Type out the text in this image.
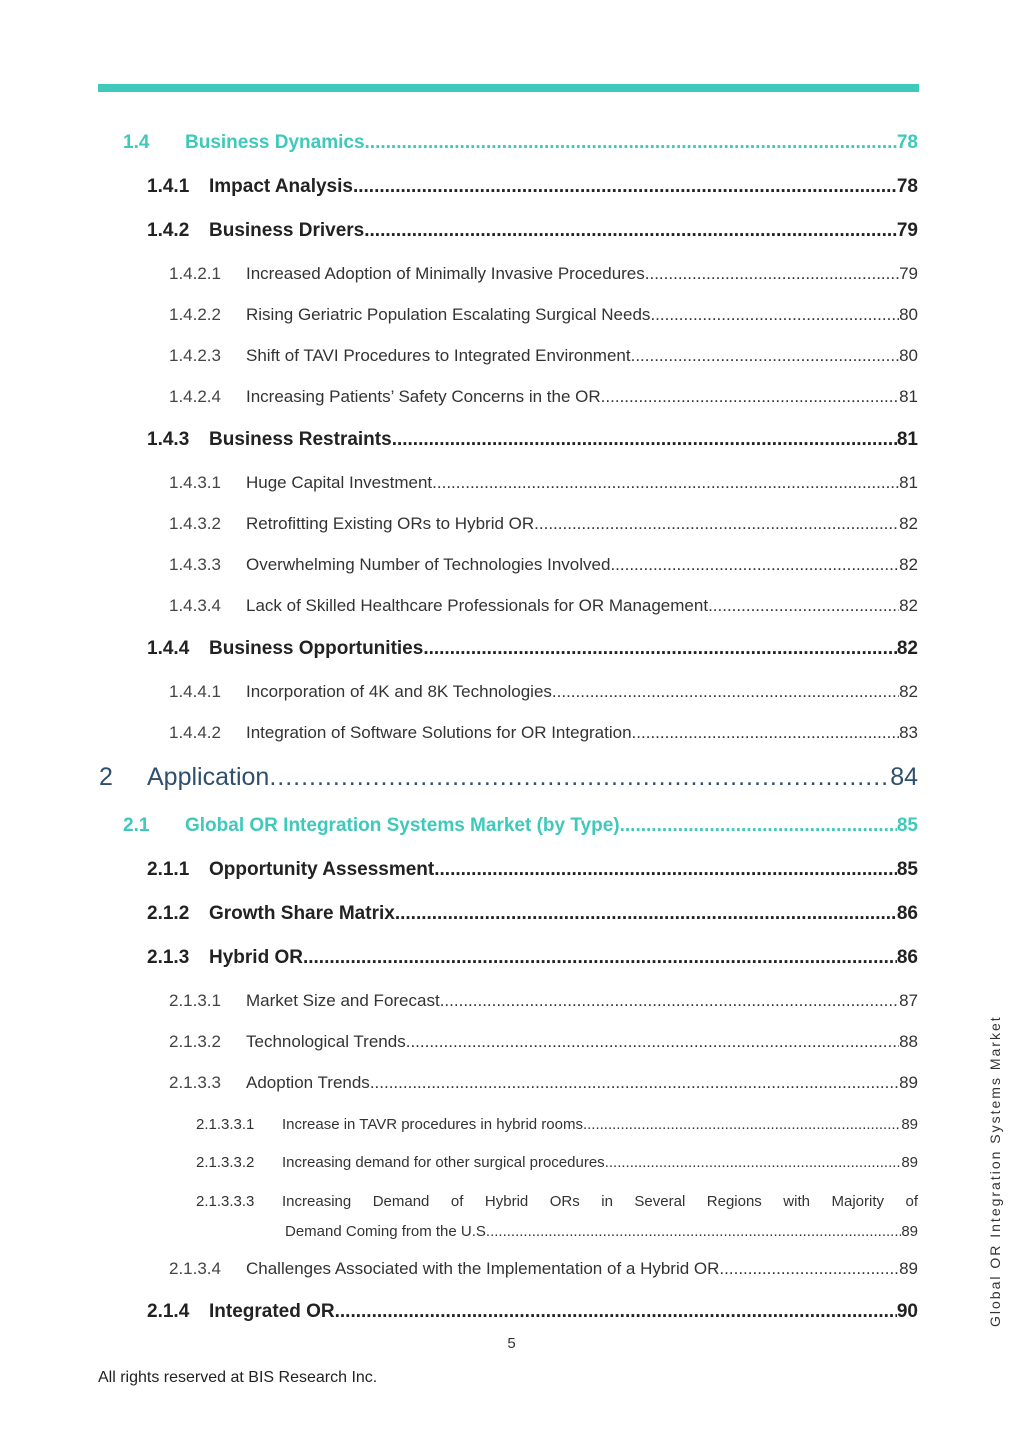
1.4	Business Dynamics .....	78
1.4.1	Impact Analysis .....	78
1.4.2	Business Drivers .....	79
1.4.2.1	Increased Adoption of Minimally Invasive Procedures .....	79
1.4.2.2	Rising Geriatric Population Escalating Surgical Needs .....	80
1.4.2.3	Shift of TAVI Procedures to Integrated Environment .....	80
1.4.2.4	Increasing Patients’ Safety Concerns in the OR .....	81
1.4.3	Business Restraints .....	81
1.4.3.1	Huge Capital Investment .....	81
1.4.3.2	Retrofitting Existing ORs to Hybrid OR .....	82
1.4.3.3	Overwhelming Number of Technologies Involved .....	82
1.4.3.4	Lack of Skilled Healthcare Professionals for OR Management .....	82
1.4.4	Business Opportunities .....	82
1.4.4.1	Incorporation of 4K and 8K Technologies .....	82
1.4.4.2	Integration of Software Solutions for OR Integration .....	83
2	Application .....	84
2.1	Global OR Integration Systems Market (by Type) .....	85
2.1.1	Opportunity Assessment .....	85
2.1.2	Growth Share Matrix .....	86
2.1.3	Hybrid OR .....	86
2.1.3.1	Market Size and Forecast .....	87
2.1.3.2	Technological Trends .....	88
2.1.3.3	Adoption Trends .....	89
2.1.3.3.1	Increase in TAVR procedures in hybrid rooms .....	89
2.1.3.3.2	Increasing demand for other surgical procedures .....	89
2.1.3.3.3	Increasing Demand of Hybrid ORs in Several Regions with Majority of
Demand Coming from the U.S. .....	89
2.1.3.4	Challenges Associated with the Implementation of a Hybrid OR .....	89
2.1.4	Integrated OR .....	90
5
All rights reserved at BIS Research Inc.
Global OR Integration Systems Market
